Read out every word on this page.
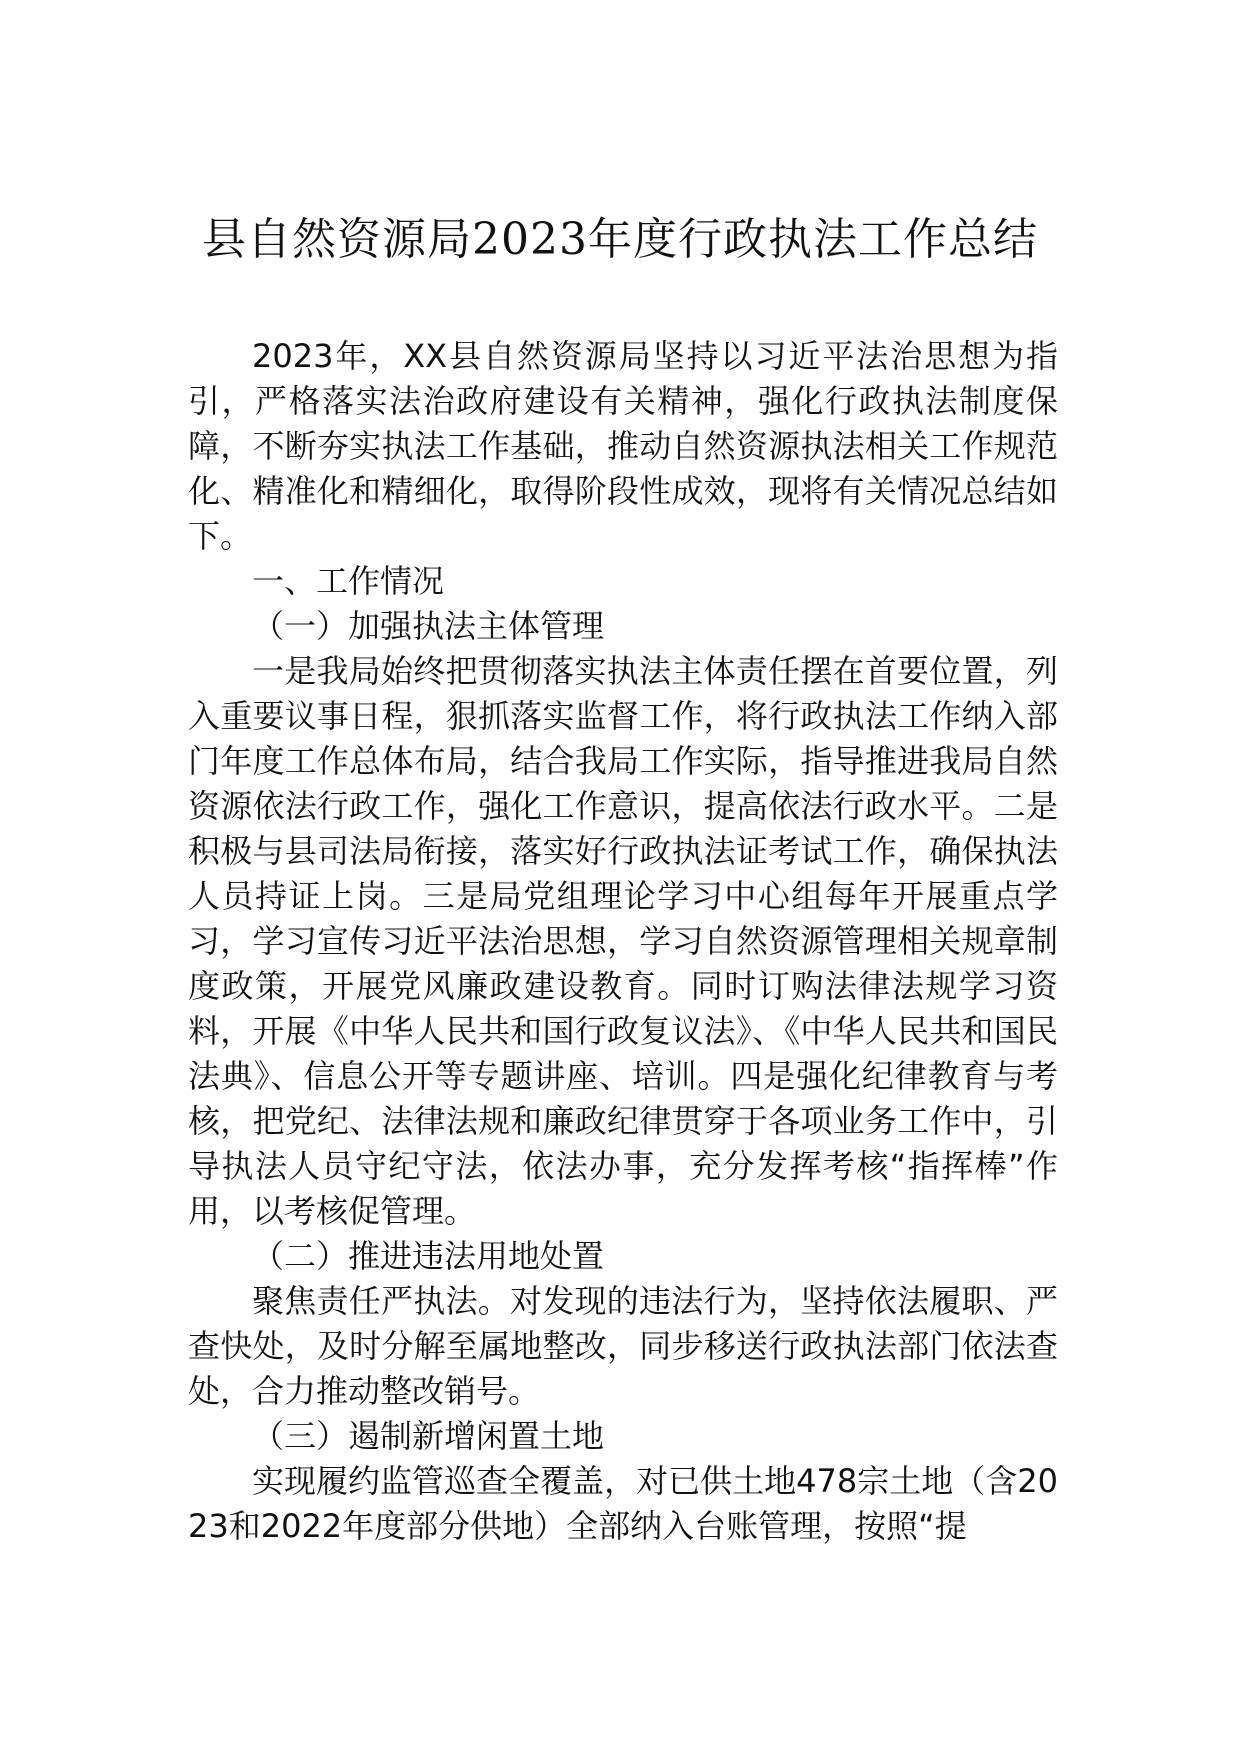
县自然资源局2023年度行政执法工作总结

2023年，XX县自然资源局坚持以习近平法治思想为指引，严格落实法治政府建设有关精神，强化行政执法制度保障，不断夯实执法工作基础，推动自然资源执法相关工作规范化、精准化和精细化，取得阶段性成效，现将有关情况总结如下。

一、工作情况

（一）加强执法主体管理

一是我局始终把贯彻落实执法主体责任摆在首要位置，列入重要议事日程，狠抓落实监督工作，将行政执法工作纳入部门年度工作总体布局，结合我局工作实际，指导推进我局自然资源依法行政工作，强化工作意识，提高依法行政水平。二是积极与县司法局衔接，落实好行政执法证考试工作，确保执法人员持证上岗。三是局党组理论学习中心组每年开展重点学习，学习宣传习近平法治思想，学习自然资源管理相关规章制度政策，开展党风廉政建设教育。同时订购法律法规学习资料，开展《中华人民共和国行政复议法》、《中华人民共和国民法典》、信息公开等专题讲座、培训。四是强化纪律教育与考核，把党纪、法律法规和廉政纪律贯穿于各项业务工作中，引导执法人员守纪守法，依法办事，充分发挥考核“指挥棒”作用，以考核促管理。

（二）推进违法用地处置

聚焦责任严执法。对发现的违法行为，坚持依法履职、严查快处，及时分解至属地整改，同步移送行政执法部门依法查处，合力推动整改销号。

（三）遏制新增闲置土地

实现履约监管巡查全覆盖，对已供土地478宗土地（含2023和2022年度部分供地）全部纳入台账管理，按照“提
